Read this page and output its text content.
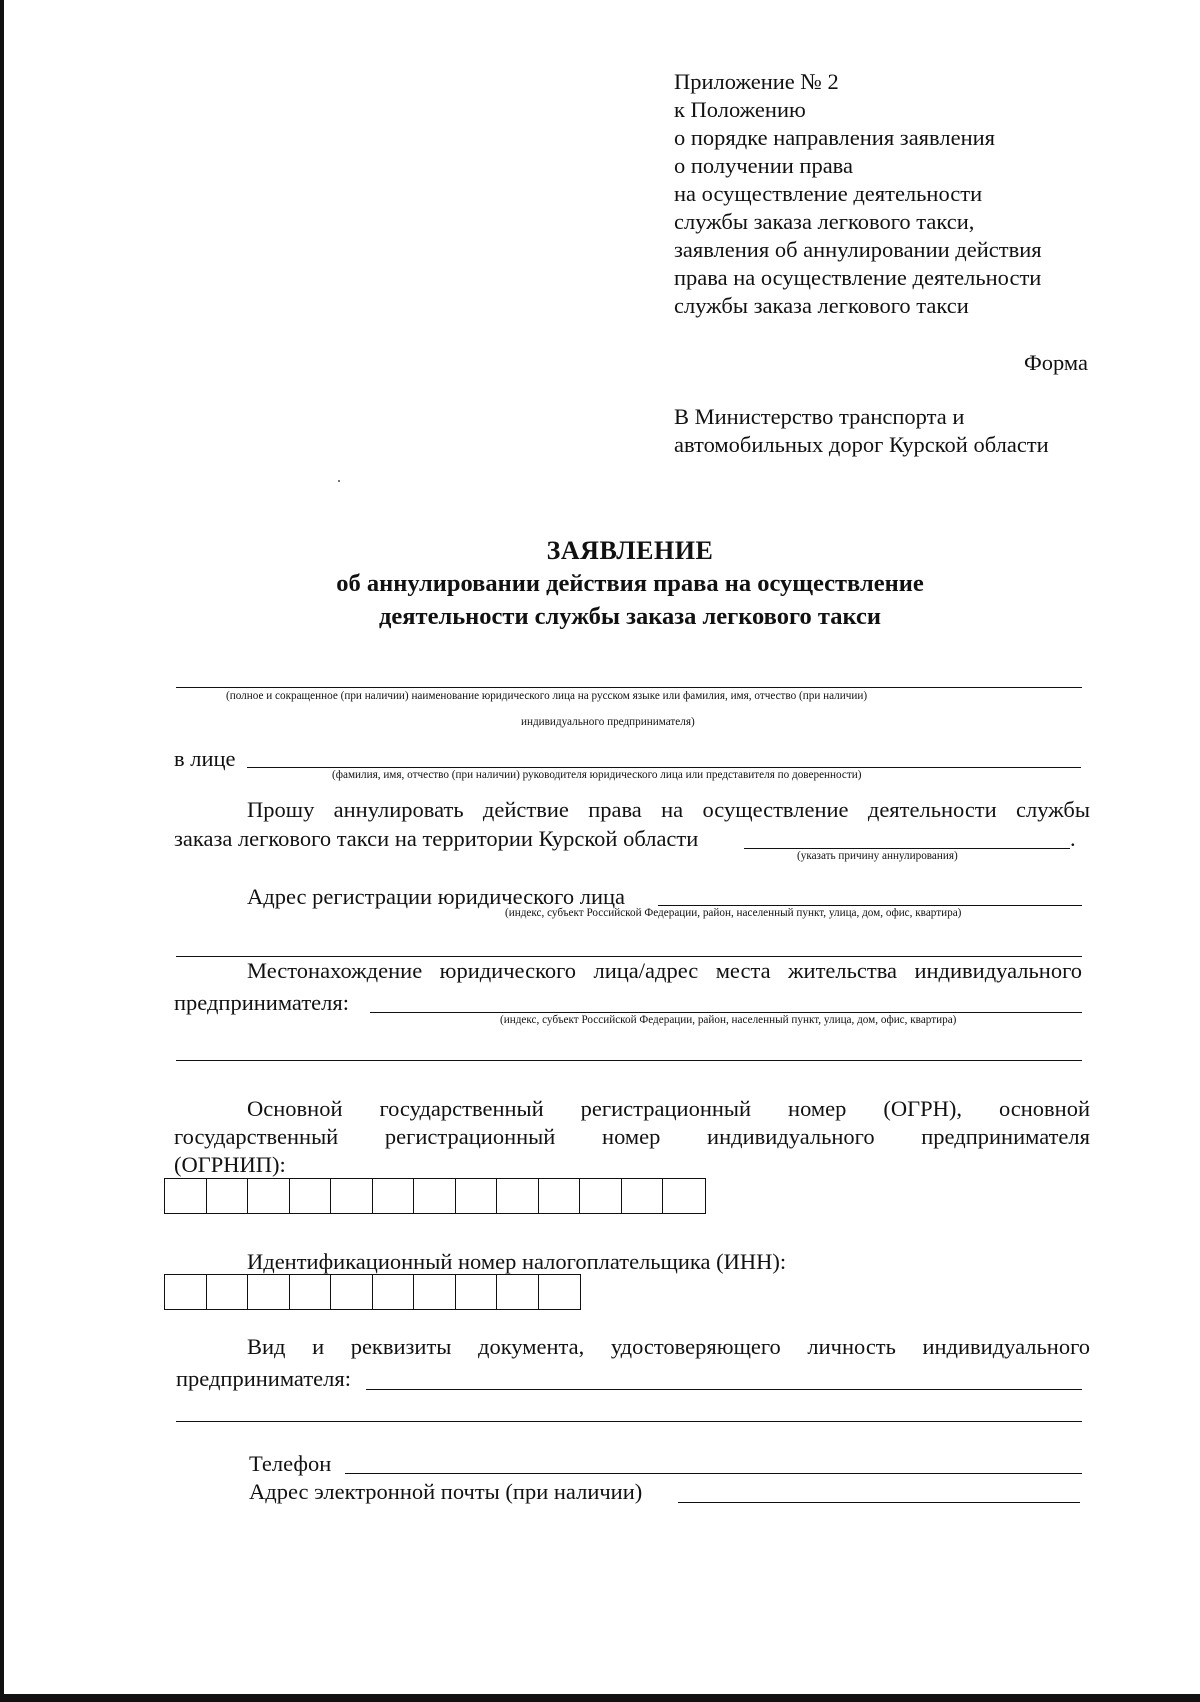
Приложение № 2
к Положению
о порядке направления заявления
о получении права
на осуществление деятельности
службы заказа легкового такси,
заявления об аннулировании действия
права на осуществление деятельности
службы заказа легкового такси
Форма
В Министерство транспорта и
автомобильных дорог Курской области
ЗАЯВЛЕНИЕ
об аннулировании действия права на осуществление
деятельности службы заказа легкового такси
(полное и сокращенное (при наличии) наименование юридического лица на русском языке или фамилия, имя, отчество (при наличии)
индивидуального предпринимателя)
в лице
(фамилия, имя, отчество (при наличии) руководителя юридического лица или представителя по доверенности)
Прошу аннулировать действие права на осуществление деятельности службы
заказа легкового такси на территории Курской области	.
(указать причину аннулирования)
Адрес регистрации юридического лица
(индекс, субъект Российской Федерации, район, населенный пункт, улица, дом, офис, квартира)
Местонахождение юридического лица/адрес места жительства индивидуального
предпринимателя:
(индекс, субъект Российской Федерации, район, населенный пункт, улица, дом, офис, квартира)
Основной государственный регистрационный номер (ОГРН), основной
государственный регистрационный номер индивидуального предпринимателя
(ОГРНИП):
Идентификационный номер налогоплательщика (ИНН):
Вид и реквизиты документа, удостоверяющего личность индивидуального
предпринимателя:
Телефон
Адрес электронной почты (при наличии)
